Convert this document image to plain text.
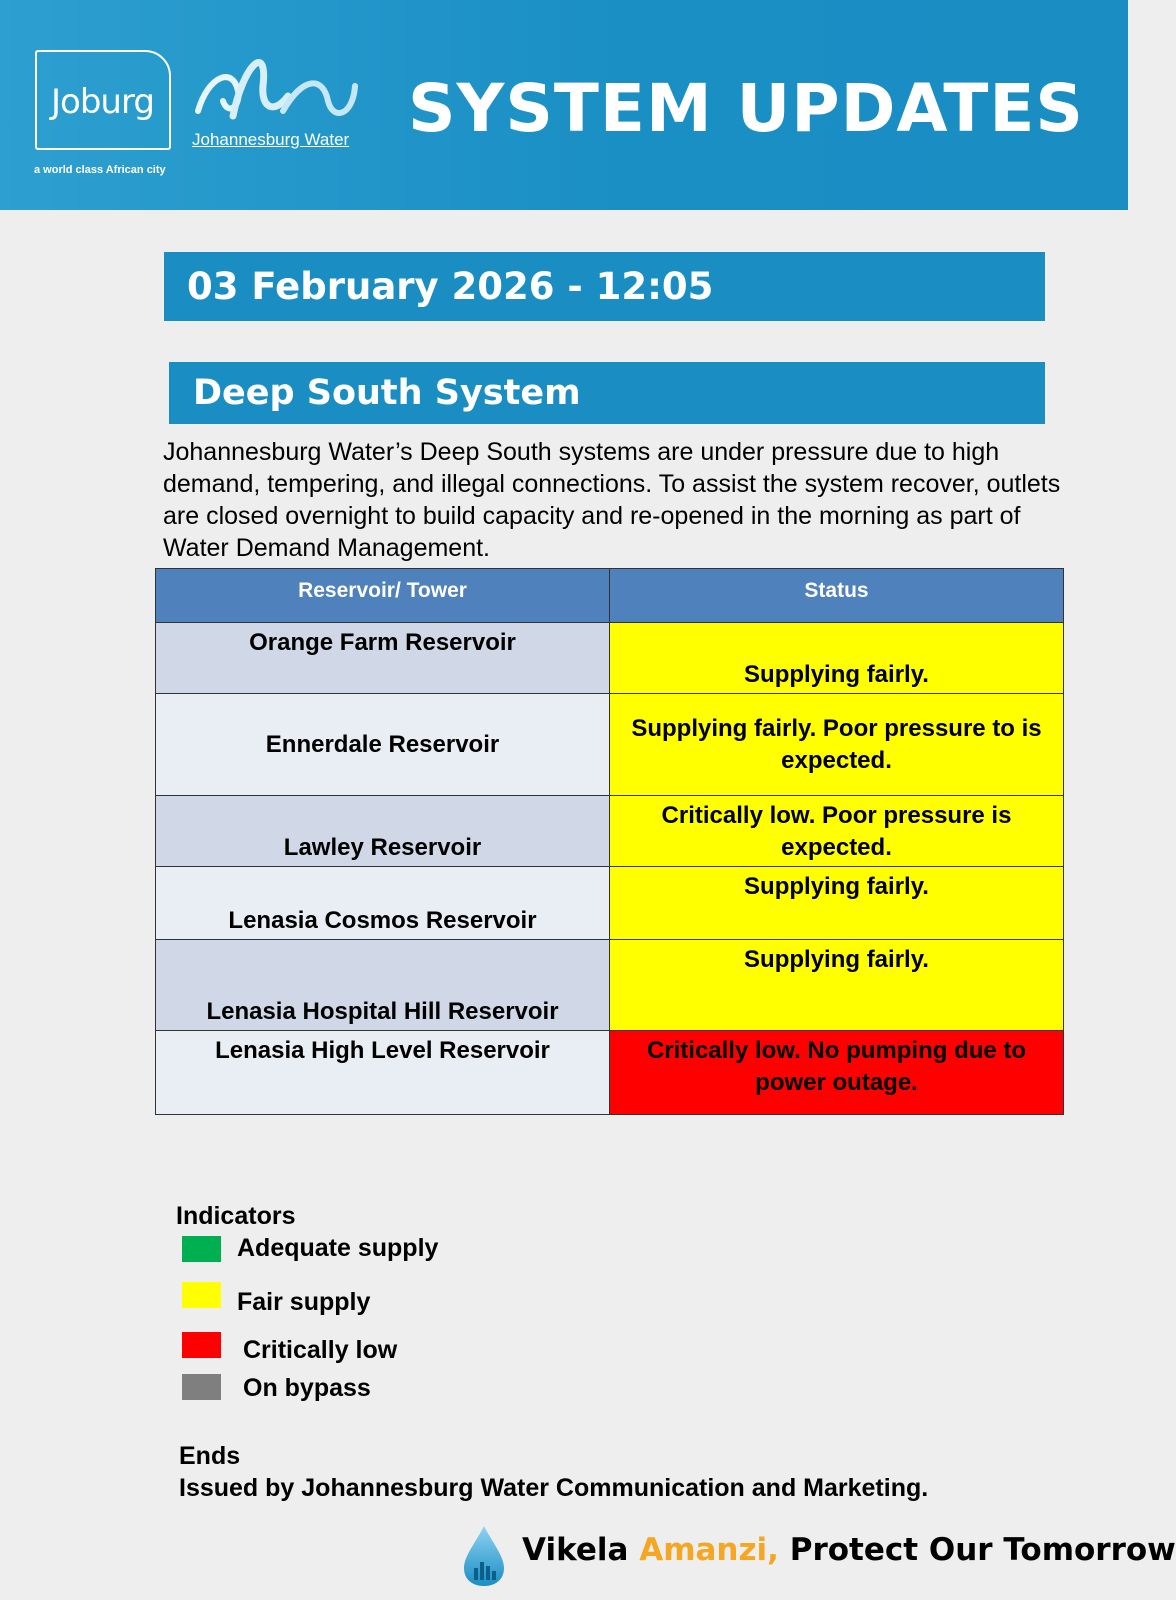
Joburg
a world class African city
Johannesburg Water SYSTEM UPDATES
03 February 2026 - 12:05
Deep South System
Johannesburg Water’s Deep South systems are under pressure due to high demand, tempering, and illegal connections. To assist the system recover, outlets are closed overnight to build capacity and re-opened in the morning as part of Water Demand Management.
Reservoir/ Tower	Status
Orange Farm Reservoir	Supplying fairly.
Ennerdale Reservoir	Supplying fairly. Poor pressure to is expected.
Lawley Reservoir	Critically low. Poor pressure is expected.
Lenasia Cosmos Reservoir	Supplying fairly.
Lenasia Hospital Hill Reservoir	Supplying fairly.
Lenasia High Level Reservoir	Critically low. No pumping due to power outage.
Indicators
Adequate supply
Fair supply
Critically low
On bypass
Ends
Issued by Johannesburg Water Communication and Marketing.
Vikela Amanzi, Protect Our Tomorrow
